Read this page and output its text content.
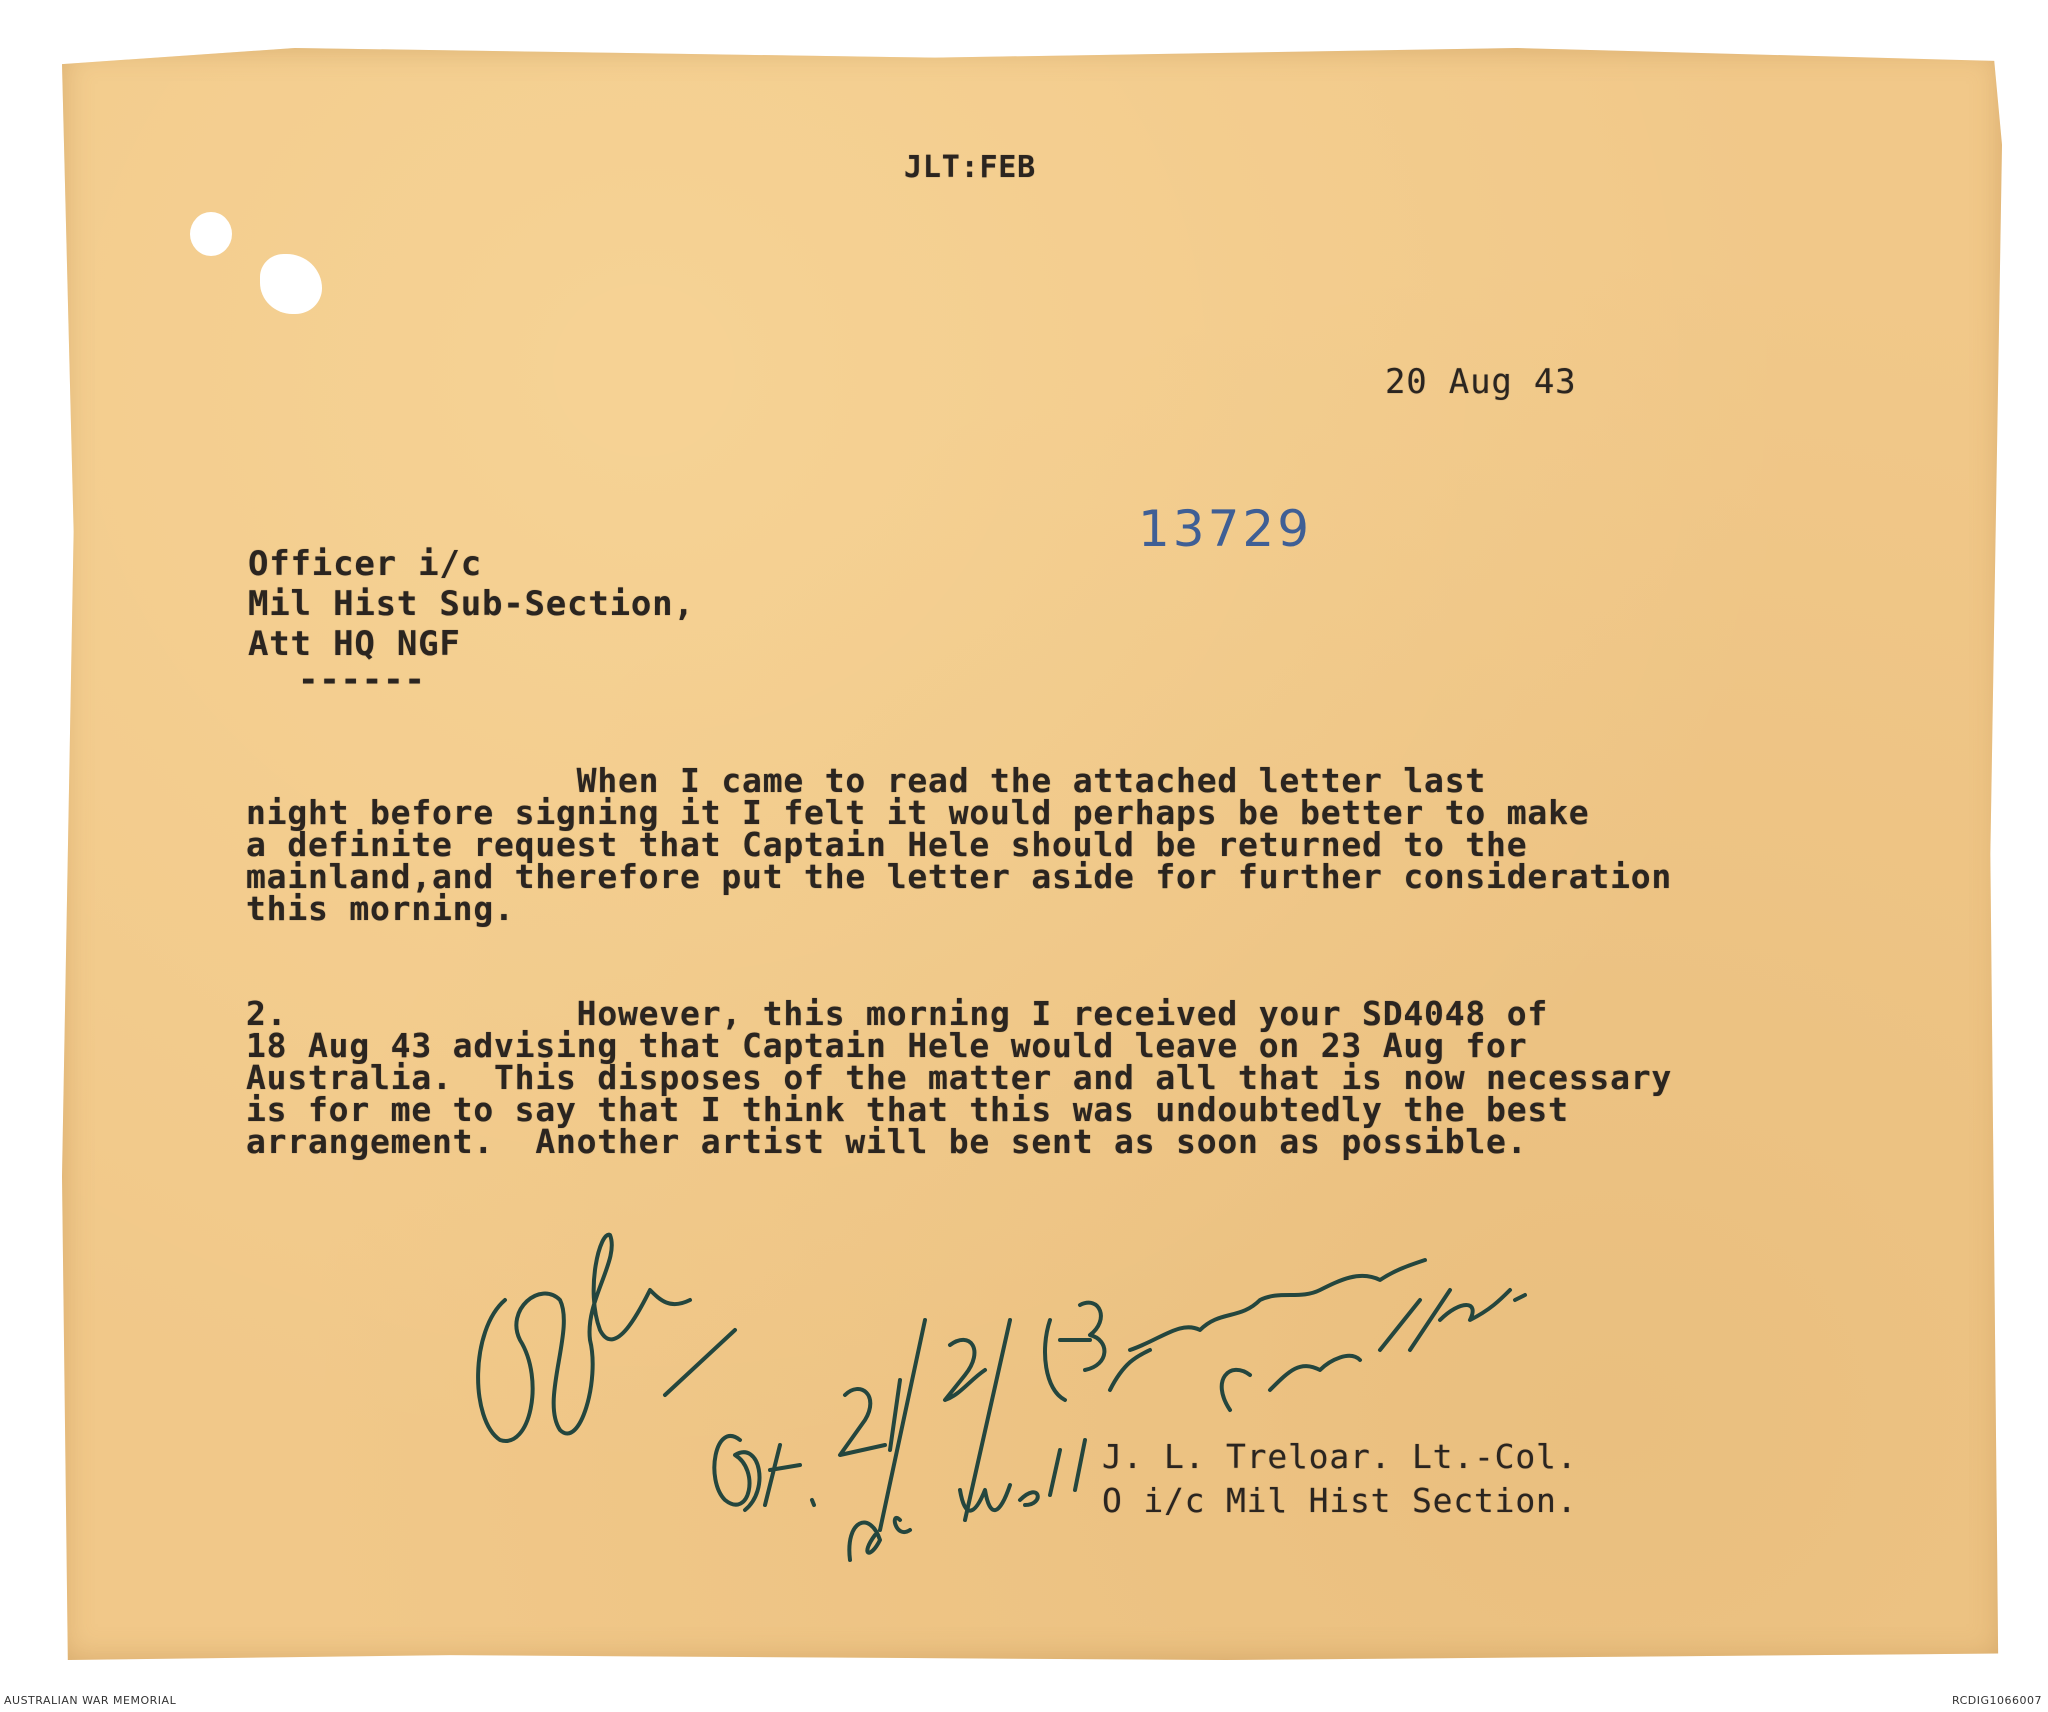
JLT:FEB
20 Aug 43
13729
Officer i/c
Mil Hist Sub-Section,
Att HQ NGF
------
When I came to read the attached letter last
night before signing it I felt it would perhaps be better to make
a definite request that Captain Hele should be returned to the
mainland,and therefore put the letter aside for further consideration
this morning.
2.              However, this morning I received your SD4048 of
18 Aug 43 advising that Captain Hele would leave on 23 Aug for
Australia.  This disposes of the matter and all that is now necessary
is for me to say that I think that this was undoubtedly the best
arrangement.  Another artist will be sent as soon as possible.
J. L. Treloar. Lt.-Col.
O i/c Mil Hist Section.
AUSTRALIAN WAR MEMORIAL	RCDIG1066007
